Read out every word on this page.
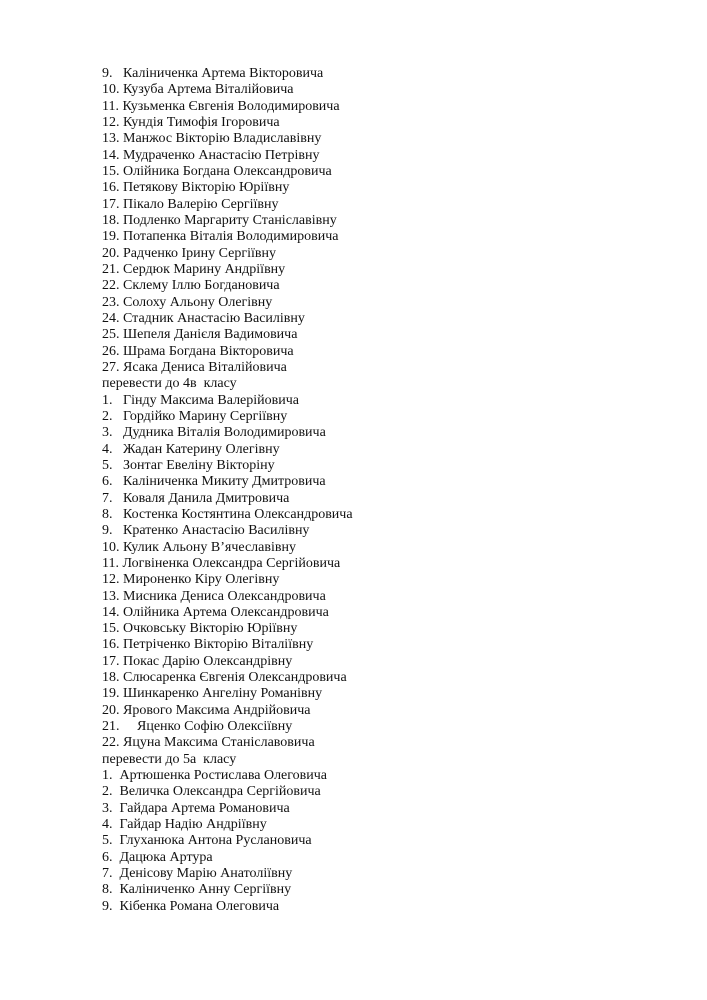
9.   Каліниченка Артема Вікторовича
10. Кузуба Артема Віталійовича
11. Кузьменка Євгенія Володимировича
12. Кундія Тимофія Ігоровича
13. Манжос Вікторію Владиславівну
14. Мудраченко Анастасію Петрівну
15. Олійника Богдана Олександровича
16. Петякову Вікторію Юріївну
17. Пікало Валерію Сергіївну
18. Подленко Маргариту Станіславівну
19. Потапенка Віталія Володимировича
20. Радченко Ірину Сергіївну
21. Сердюк Марину Андріївну
22. Склему Іллю Богдановича
23. Солоху Альону Олегівну
24. Стадник Анастасію Василівну
25. Шепеля Данієля Вадимовича
26. Шрама Богдана Вікторовича
27. Ясака Дениса Віталійовича
перевести до 4в  класу
1.   Гінду Максима Валерійовича
2.   Гордійко Марину Сергіївну
3.   Дудника Віталія Володимировича
4.   Жадан Катерину Олегівну
5.   Зонтаг Евеліну Вікторіну
6.   Каліниченка Микиту Дмитровича
7.   Коваля Данила Дмитровича
8.   Костенка Костянтина Олександровича
9.   Кратенко Анастасію Василівну
10. Кулик Альону В’ячеславівну
11. Логвіненка Олександра Сергійовича
12. Мироненко Кіру Олегівну
13. Мисника Дениса Олександровича
14. Олійника Артема Олександровича
15. Очковську Вікторію Юріївну
16. Петріченко Вікторію Віталіївну
17. Покас Дарію Олександрівну
18. Слюсаренка Євгенія Олександровича
19. Шинкаренко Ангеліну Романівну
20. Ярового Максима Андрійовича
21.     Яценко Софію Олексіївну
22. Яцуна Максима Станіславовича
перевести до 5а  класу
1.  Артюшенка Ростислава Олеговича
2.  Величка Олександра Сергійовича
3.  Гайдара Артема Романовича
4.  Гайдар Надію Андріївну
5.  Глуханюка Антона Руслановича
6.  Дацюка Артура
7.  Денісову Марію Анатоліївну
8.  Каліниченко Анну Сергіївну
9.  Кібенка Романа Олеговича
